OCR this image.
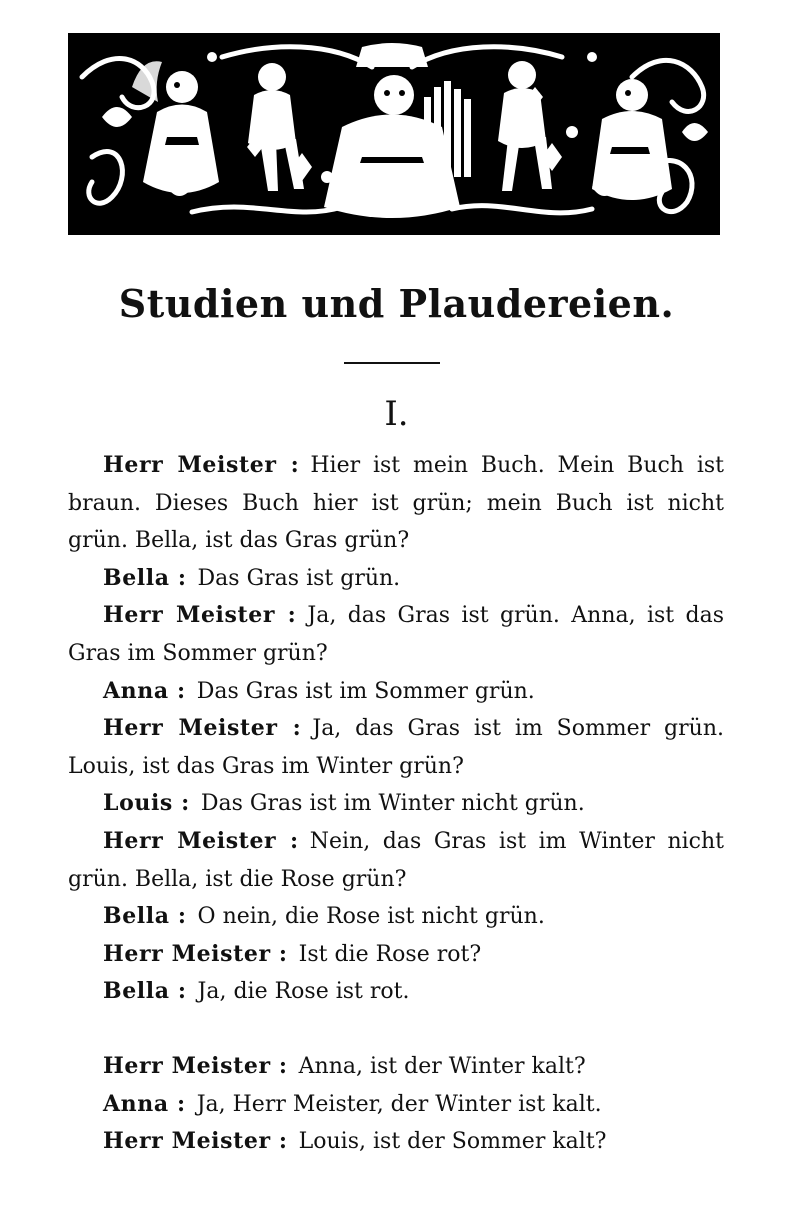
Studien und Plaudereien.
I.

Herr Meister :  Hier ist mein Buch. Mein Buch ist braun. Dieses Buch hier ist grün; mein Buch ist nicht grün. Bella, ist das Gras grün?

Bella :  Das Gras ist grün.

Herr Meister :  Ja, das Gras ist grün. Anna, ist das Gras im Sommer grün?

Anna :  Das Gras ist im Sommer grün.

Herr Meister :  Ja, das Gras ist im Sommer grün. Louis, ist das Gras im Winter grün?

Louis :  Das Gras ist im Winter nicht grün.

Herr Meister :  Nein, das Gras ist im Winter nicht grün. Bella, ist die Rose grün?

Bella :  O nein, die Rose ist nicht grün.

Herr Meister :  Ist die Rose rot?

Bella :  Ja, die Rose ist rot.

Herr Meister :  Anna, ist der Winter kalt?

Anna :  Ja, Herr Meister, der Winter ist kalt.

Herr Meister :  Louis, ist der Sommer kalt?
